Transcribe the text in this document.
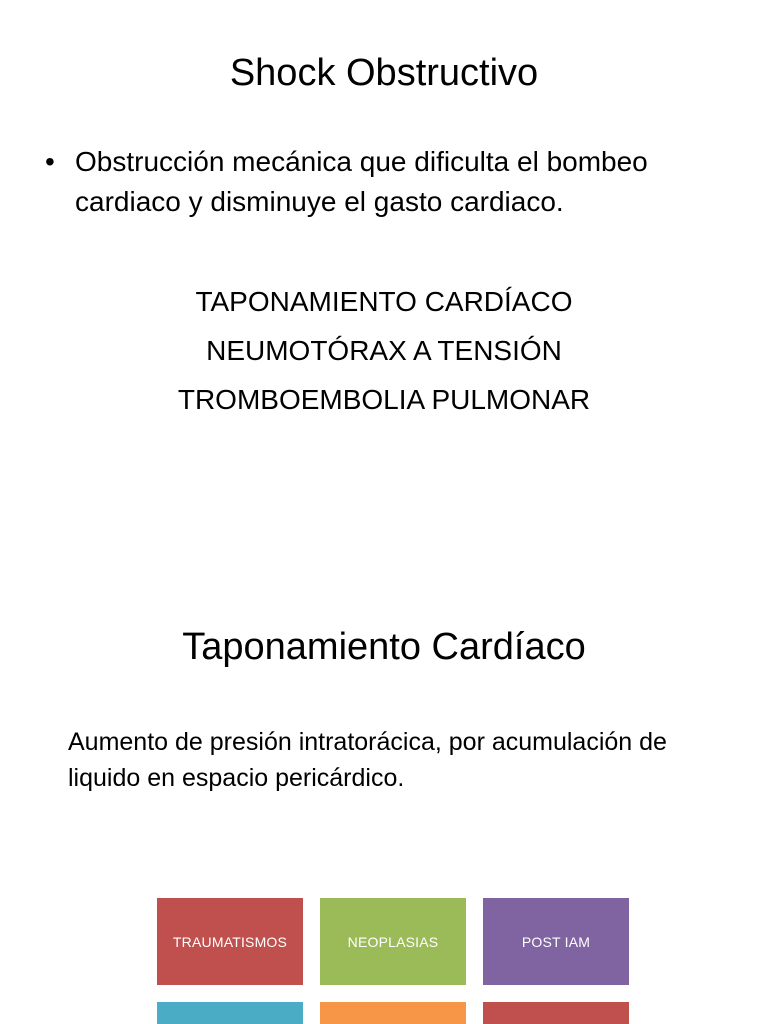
Shock Obstructivo
• Obstrucción mecánica que dificulta el bombeo cardiaco y disminuye el gasto cardiaco.
TAPONAMIENTO CARDÍACO
NEUMOTÓRAX A TENSIÓN
TROMBOEMBOLIA PULMONAR
Taponamiento Cardíaco
Aumento de presión intratorácica, por acumulación de liquido en espacio pericárdico.
TRAUMATISMOS	NEOPLASIAS	POST IAM
